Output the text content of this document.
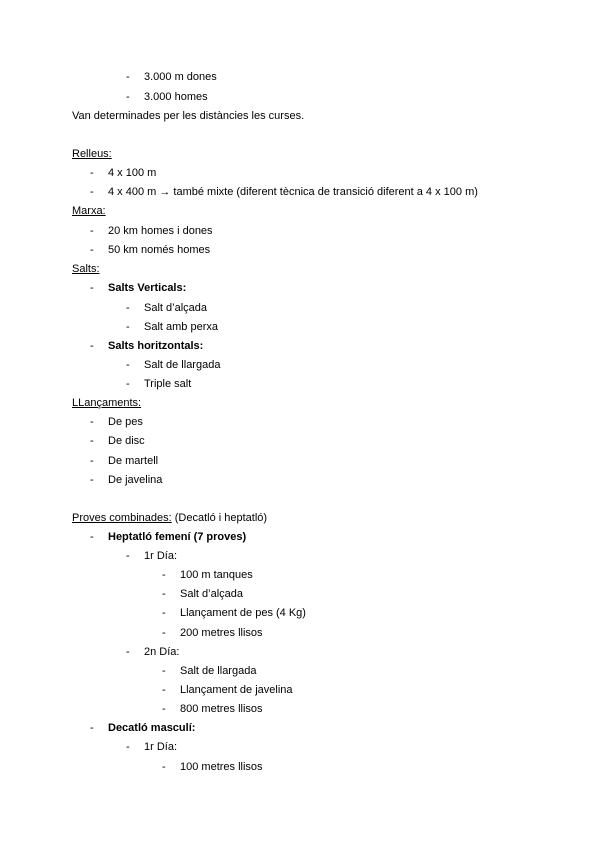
- 3.000 m dones
- 3.000 homes
Van determinades per les distàncies les curses.
Relleus:
- 4 x 100 m
- 4 x 400 m → també mixte (diferent tècnica de transició diferent a 4 x 100 m)
Marxa:
- 20 km homes i dones
- 50 km només homes
Salts:
- Salts Verticals:
- Salt d’alçada
- Salt amb perxa
- Salts horitzontals:
- Salt de llargada
- Triple salt
LLançaments:
- De pes
- De disc
- De martell
- De javelina
Proves combinades: (Decatló i heptatló)
- Heptatló femení (7 proves)
- 1r Día:
- 100 m tanques
- Salt d’alçada
- Llançament de pes (4 Kg)
- 200 metres llisos
- 2n Día:
- Salt de llargada
- Llançament de javelina
- 800 metres llisos
- Decatló masculí:
- 1r Día:
- 100 metres llisos
